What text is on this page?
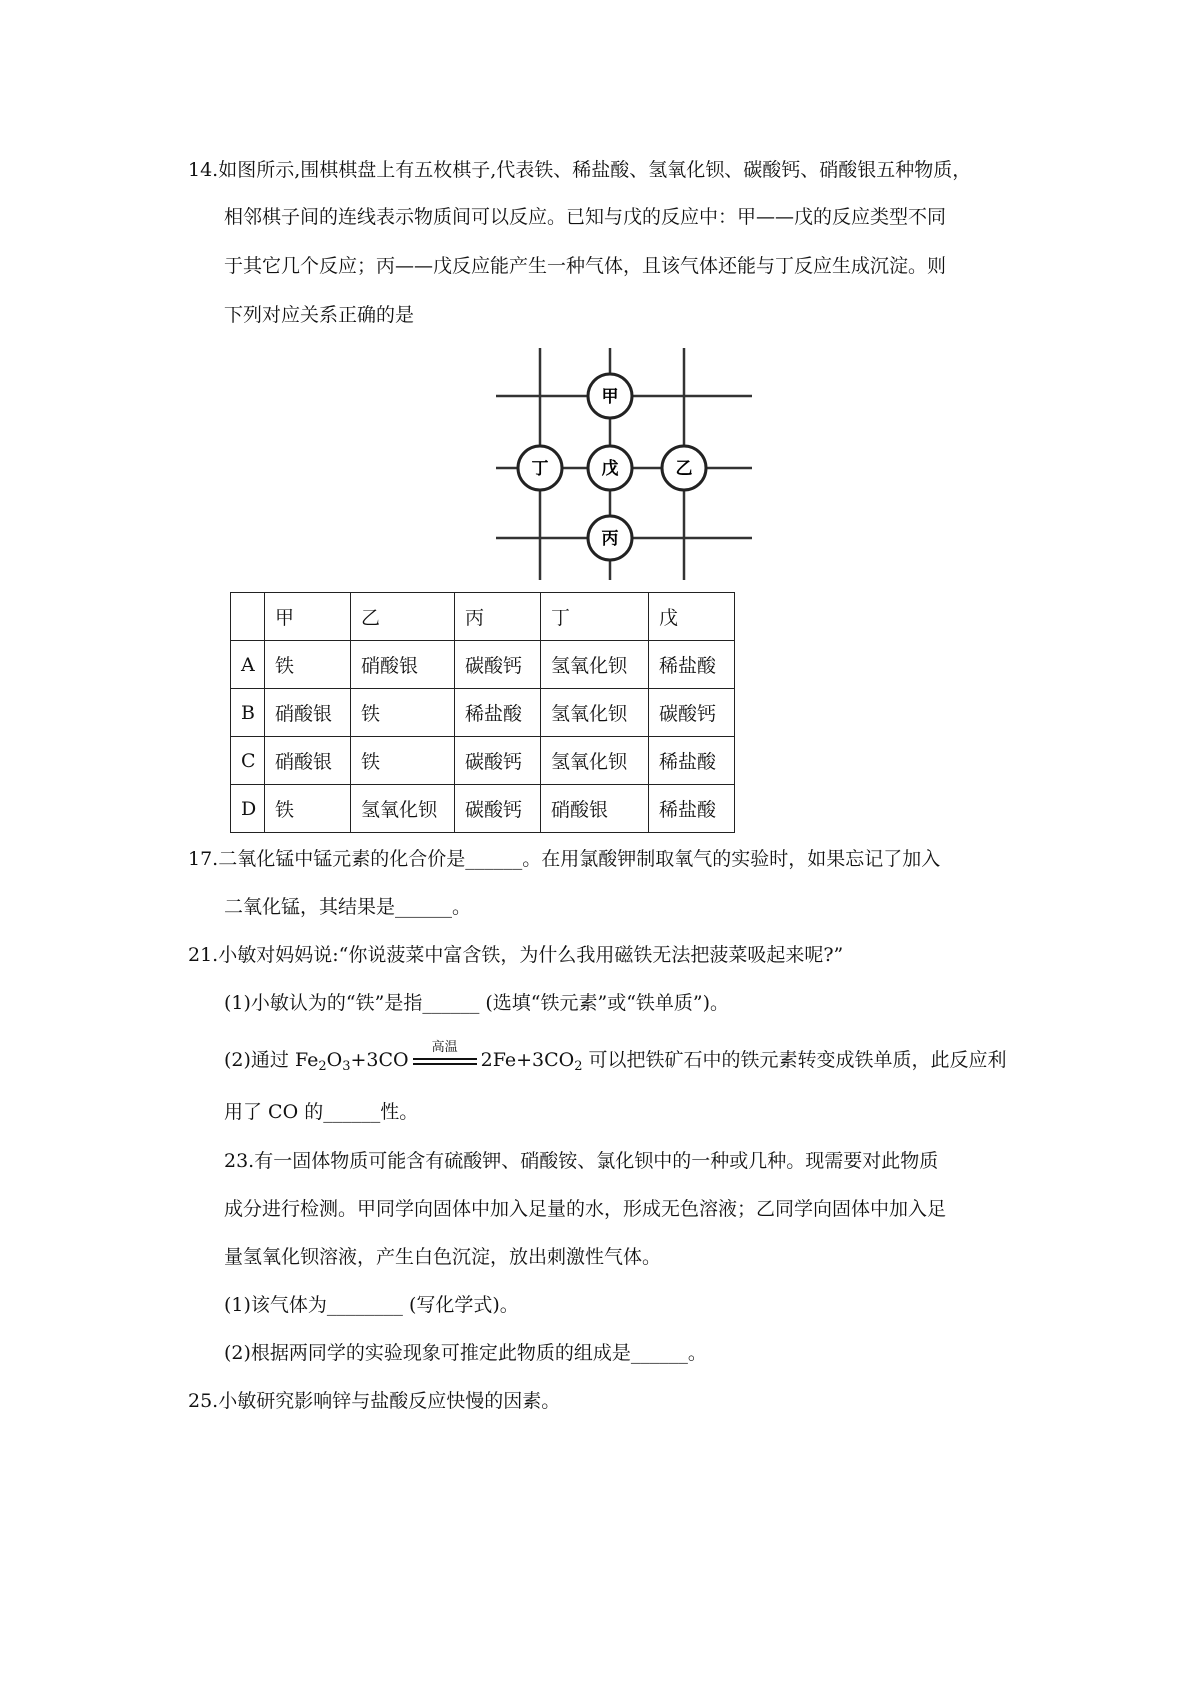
14.如图所示,围棋棋盘上有五枚棋子,代表铁、稀盐酸、氢氧化钡、碳酸钙、硝酸银五种物质，
相邻棋子间的连线表示物质间可以反应。已知与戊的反应中：甲——戊的反应类型不同
于其它几个反应；丙——戊反应能产生一种气体，且该气体还能与丁反应生成沉淀。则
下列对应关系正确的是
甲
丁	戊	乙
丙
	甲	乙	丙	丁	戊
A	铁	硝酸银	碳酸钙	氢氧化钡	稀盐酸
B	硝酸银	铁	稀盐酸	氢氧化钡	碳酸钙
C	硝酸银	铁	碳酸钙	氢氧化钡	稀盐酸
D	铁	氢氧化钡	碳酸钙	硝酸银	稀盐酸
17.二氧化锰中锰元素的化合价是______。在用氯酸钾制取氧气的实验时，如果忘记了加入
二氧化锰，其结果是______。
21.小敏对妈妈说:“你说菠菜中富含铁，为什么我用磁铁无法把菠菜吸起来呢?”
(1)小敏认为的“铁”是指______ (选填“铁元素”或“铁单质”)。
(2)通过 $Fe_2O_3+3CO$
高温
$2Fe+3CO_2$ 可以把铁矿石中的铁元素转变成铁单质，此反应利
用了 CO 的______性。
23.有一固体物质可能含有硫酸钾、硝酸铵、氯化钡中的一种或几种。现需要对此物质
成分进行检测。甲同学向固体中加入足量的水，形成无色溶液；乙同学向固体中加入足
量氢氧化钡溶液，产生白色沉淀，放出刺激性气体。
(1)该气体为________ (写化学式)。
(2)根据两同学的实验现象可推定此物质的组成是______。
25.小敏研究影响锌与盐酸反应快慢的因素。
